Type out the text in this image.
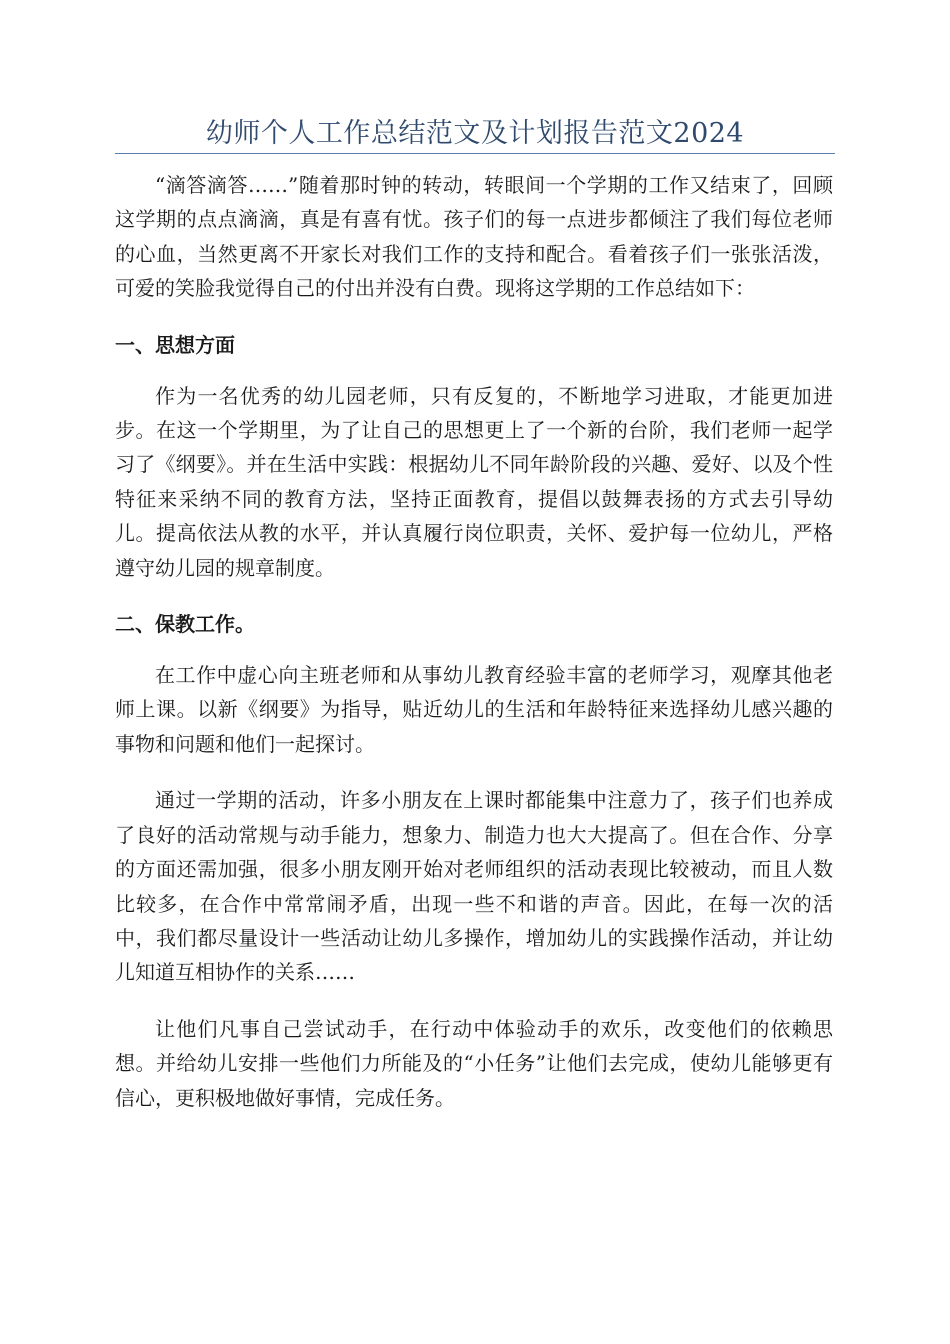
幼师个人工作总结范文及计划报告范文2024

“滴答滴答……”随着那时钟的转动，转眼间一个学期的工作又结束了，回顾这学期的点点滴滴，真是有喜有忧。孩子们的每一点进步都倾注了我们每位老师的心血，当然更离不开家长对我们工作的支持和配合。看着孩子们一张张活泼，可爱的笑脸我觉得自己的付出并没有白费。现将这学期的工作总结如下：

一、思想方面

作为一名优秀的幼儿园老师，只有反复的，不断地学习进取，才能更加进步。在这一个学期里，为了让自己的思想更上了一个新的台阶，我们老师一起学习了《纲要》。并在生活中实践：根据幼儿不同年龄阶段的兴趣、爱好、以及个性特征来采纳不同的教育方法，坚持正面教育，提倡以鼓舞表扬的方式去引导幼儿。提高依法从教的水平，并认真履行岗位职责，关怀、爱护每一位幼儿，严格遵守幼儿园的规章制度。

二、保教工作。

在工作中虚心向主班老师和从事幼儿教育经验丰富的老师学习，观摩其他老师上课。以新《纲要》为指导，贴近幼儿的生活和年龄特征来选择幼儿感兴趣的事物和问题和他们一起探讨。

通过一学期的活动，许多小朋友在上课时都能集中注意力了，孩子们也养成了良好的活动常规与动手能力，想象力、制造力也大大提高了。但在合作、分享的方面还需加强，很多小朋友刚开始对老师组织的活动表现比较被动，而且人数比较多，在合作中常常闹矛盾，出现一些不和谐的声音。因此，在每一次的活中，我们都尽量设计一些活动让幼儿多操作，增加幼儿的实践操作活动，并让幼儿知道互相协作的关系……

让他们凡事自己尝试动手，在行动中体验动手的欢乐，改变他们的依赖思想。并给幼儿安排一些他们力所能及的“小任务”让他们去完成，使幼儿能够更有信心，更积极地做好事情，完成任务。
